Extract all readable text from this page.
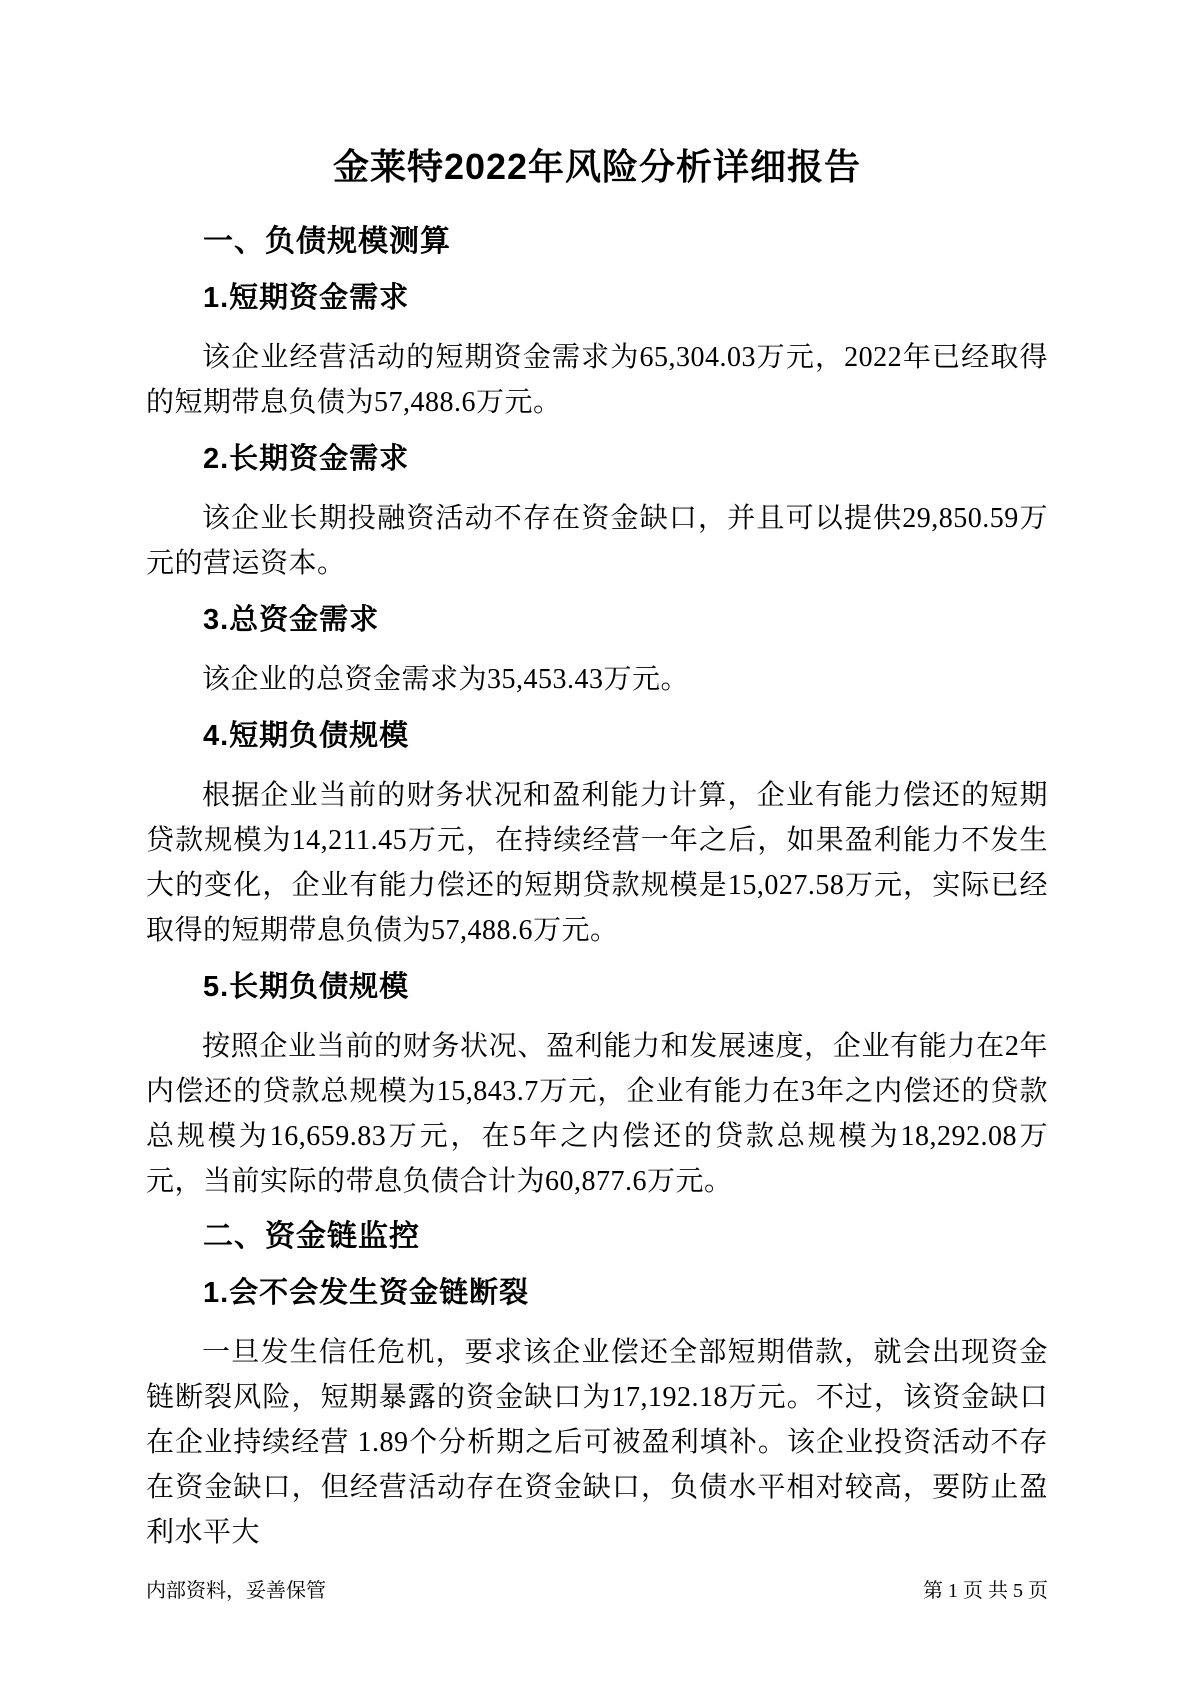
金莱特2022年风险分析详细报告
一、负债规模测算
1.短期资金需求

该企业经营活动的短期资金需求为65,304.03万元，2022年已经取得的短期带息负债为57,488.6万元。

2.长期资金需求

该企业长期投融资活动不存在资金缺口，并且可以提供29,850.59万元的营运资本。

3.总资金需求

该企业的总资金需求为35,453.43万元。

4.短期负债规模

根据企业当前的财务状况和盈利能力计算，企业有能力偿还的短期贷款规模为14,211.45万元，在持续经营一年之后，如果盈利能力不发生大的变化，企业有能力偿还的短期贷款规模是15,027.58万元，实际已经取得的短期带息负债为57,488.6万元。

5.长期负债规模

按照企业当前的财务状况、盈利能力和发展速度，企业有能力在2年内偿还的贷款总规模为15,843.7万元，企业有能力在3年之内偿还的贷款总规模为16,659.83万元，在5年之内偿还的贷款总规模为18,292.08万元，当前实际的带息负债合计为60,877.6万元。

二、资金链监控
1.会不会发生资金链断裂

一旦发生信任危机，要求该企业偿还全部短期借款，就会出现资金链断裂风险，短期暴露的资金缺口为17,192.18万元。不过，该资金缺口在企业持续经营 1.89个分析期之后可被盈利填补。该企业投资活动不存在资金缺口，但经营活动存在资金缺口，负债水平相对较高，要防止盈利水平大

内部资料，妥善保管	第 1 页 共 5 页
